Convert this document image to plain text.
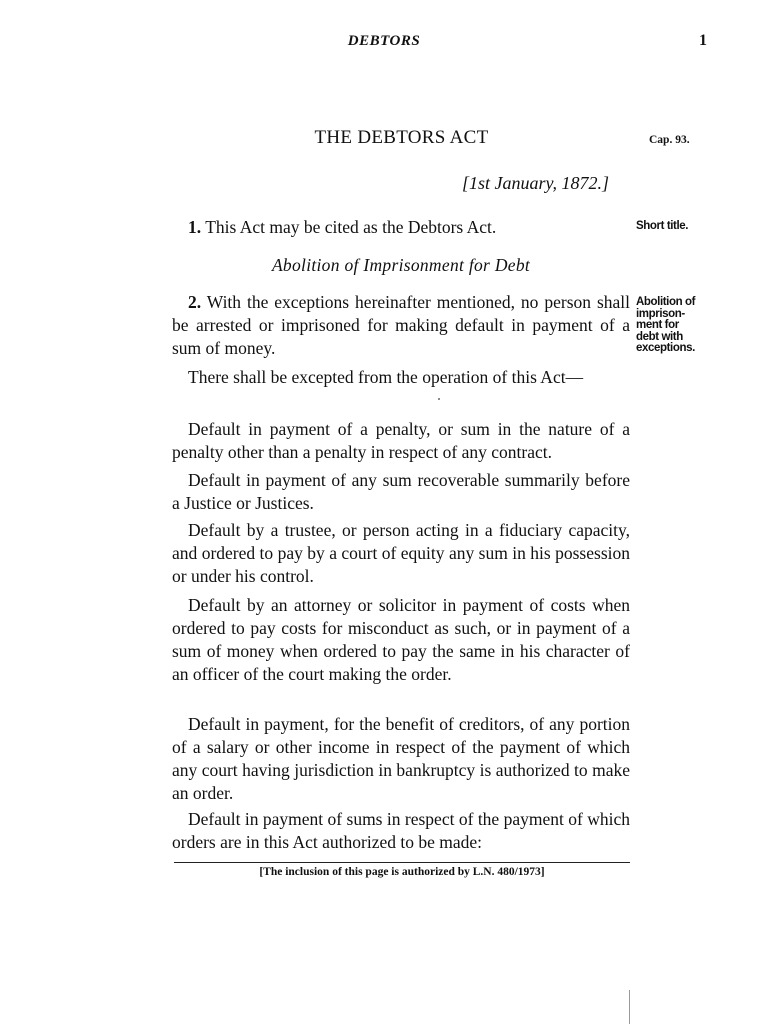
DEBTORS	1
THE DEBTORS ACT	Cap. 93.
[1st January, 1872.]

1. This Act may be cited as the Debtors Act.	Short title.
Abolition of Imprisonment for Debt

2. With the exceptions hereinafter mentioned, no person shall be arrested or imprisoned for making default in payment of a sum of money.

Abolition of
imprison-
ment for
debt with
exceptions.

There shall be excepted from the operation of this Act—

Default in payment of a penalty, or sum in the nature of a penalty other than a penalty in respect of any contract.

Default in payment of any sum recoverable summarily before a Justice or Justices.

Default by a trustee, or person acting in a fiduciary capacity, and ordered to pay by a court of equity any sum in his possession or under his control.

Default by an attorney or solicitor in payment of costs when ordered to pay costs for misconduct as such, or in payment of a sum of money when ordered to pay the same in his character of an officer of the court making the order.

Default in payment, for the benefit of creditors, of any portion of a salary or other income in respect of the payment of which any court having jurisdiction in bankruptcy is authorized to make an order.

Default in payment of sums in respect of the payment of which orders are in this Act authorized to be made:

[The inclusion of this page is authorized by L.N. 480/1973]
